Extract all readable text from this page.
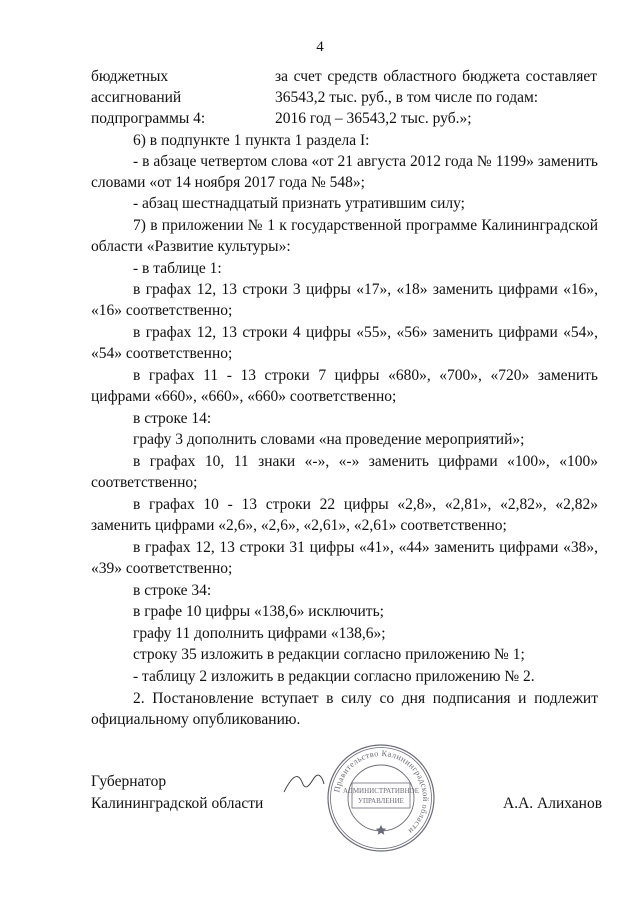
4
бюджетных
ассигнований
подпрограммы 4:
за счет средств областного бюджета составляет
36543,2 тыс. руб., в том числе по годам:
2016 год – 36543,2 тыс. руб.»;
6) в подпункте 1 пункта 1 раздела I:
- в абзаце четвертом слова «от 21 августа 2012 года № 1199» заменить
словами «от 14 ноября 2017 года № 548»;
- абзац шестнадцатый признать утратившим силу;
7) в приложении № 1 к государственной программе Калининградской
области «Развитие культуры»:
- в таблице 1:
в графах 12, 13 строки 3 цифры «17», «18» заменить цифрами «16»,
«16» соответственно;
в графах 12, 13 строки 4 цифры «55», «56» заменить цифрами «54»,
«54» соответственно;
в графах 11 - 13 строки 7 цифры «680», «700», «720» заменить
цифрами «660», «660», «660» соответственно;
в строке 14:
графу 3 дополнить словами «на проведение мероприятий»;
в графах 10, 11 знаки «-», «-» заменить цифрами «100», «100»
соответственно;
в графах 10 - 13 строки 22 цифры «2,8», «2,81», «2,82», «2,82»
заменить цифрами «2,6», «2,6», «2,61», «2,61» соответственно;
в графах 12, 13 строки 31 цифры «41», «44» заменить цифрами «38»,
«39» соответственно;
в строке 34:
в графе 10 цифры «138,6» исключить;
графу 11 дополнить цифрами «138,6»;
строку 35 изложить в редакции согласно приложению № 1;
- таблицу 2 изложить в редакции согласно приложению № 2.
2. Постановление вступает в силу со дня подписания и подлежит
официальному опубликованию.
Губернатор
Калининградской области	А.А. Алиханов
Правительство Калининградской области
АДМИНИСТРАТИВНОЕ
УПРАВЛЕНИЕ
